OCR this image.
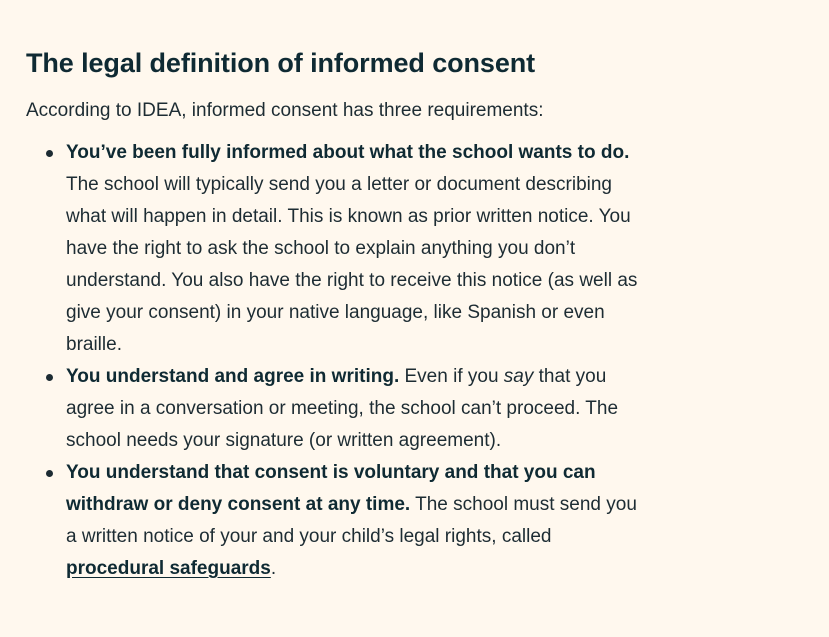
The legal definition of informed consent

According to IDEA, informed consent has three requirements:

You’ve been fully informed about what the school wants to do. The school will typically send you a letter or document describing what will happen in detail. This is known as prior written notice. You have the right to ask the school to explain anything you don’t understand. You also have the right to receive this notice (as well as give your consent) in your native language, like Spanish or even braille.
You understand and agree in writing. Even if you say that you agree in a conversation or meeting, the school can’t proceed. The school needs your signature (or written agreement).
You understand that consent is voluntary and that you can withdraw or deny consent at any time. The school must send you a written notice of your and your child’s legal rights, called procedural safeguards.
